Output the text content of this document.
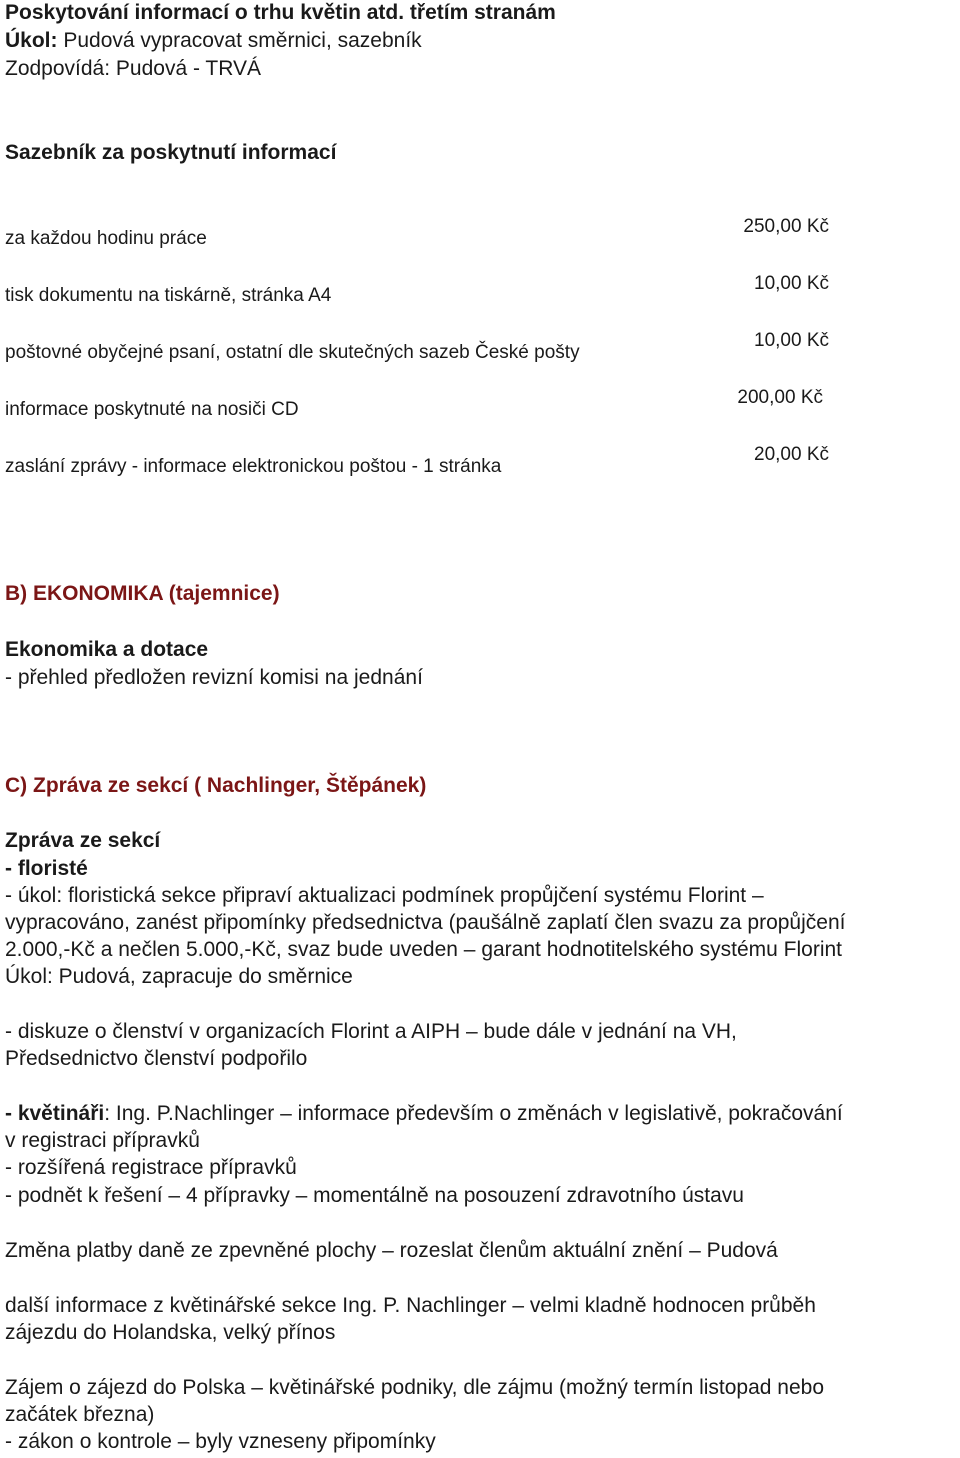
Poskytování informací o trhu květin atd. třetím stranám
Úkol: Pudová vypracovat směrnici, sazebník
Zodpovídá: Pudová - TRVÁ
Sazebník za poskytnutí informací
za každou hodinu práce
tisk dokumentu na tiskárně, stránka A4
poštovné obyčejné psaní, ostatní dle skutečných sazeb České pošty
informace poskytnuté na nosiči CD
zaslání zprávy - informace elektronickou poštou - 1 stránka
250,00 Kč
10,00 Kč
10,00 Kč
200,00 Kč
20,00 Kč
B) EKONOMIKA (tajemnice)
Ekonomika a dotace
- přehled předložen revizní komisi na jednání
C) Zpráva ze sekcí ( Nachlinger, Štěpánek)
Zpráva ze sekcí
- floristé
- úkol: floristická sekce připraví aktualizaci podmínek propůjčení systému Florint –
vypracováno, zanést připomínky předsednictva (paušálně zaplatí člen svazu za propůjčení
2.000,-Kč a nečlen 5.000,-Kč, svaz bude uveden – garant hodnotitelského systému Florint
Úkol: Pudová, zapracuje do směrnice
- diskuze o členství v organizacích Florint a AIPH – bude dále v jednání na VH,
Předsednictvo členství podpořilo
- květináři: Ing. P.Nachlinger – informace především o změnách v legislativě, pokračování
v registraci přípravků
- rozšířená registrace přípravků
- podnět k řešení – 4 přípravky – momentálně na posouzení zdravotního ústavu
Změna platby daně ze zpevněné plochy – rozeslat členům aktuální znění – Pudová
další informace z květinářské sekce Ing. P. Nachlinger – velmi kladně hodnocen průběh
zájezdu do Holandska, velký přínos
Zájem o zájezd do Polska – květinářské podniky, dle zájmu (možný termín listopad nebo
začátek března)
- zákon o kontrole – byly vzneseny připomínky
